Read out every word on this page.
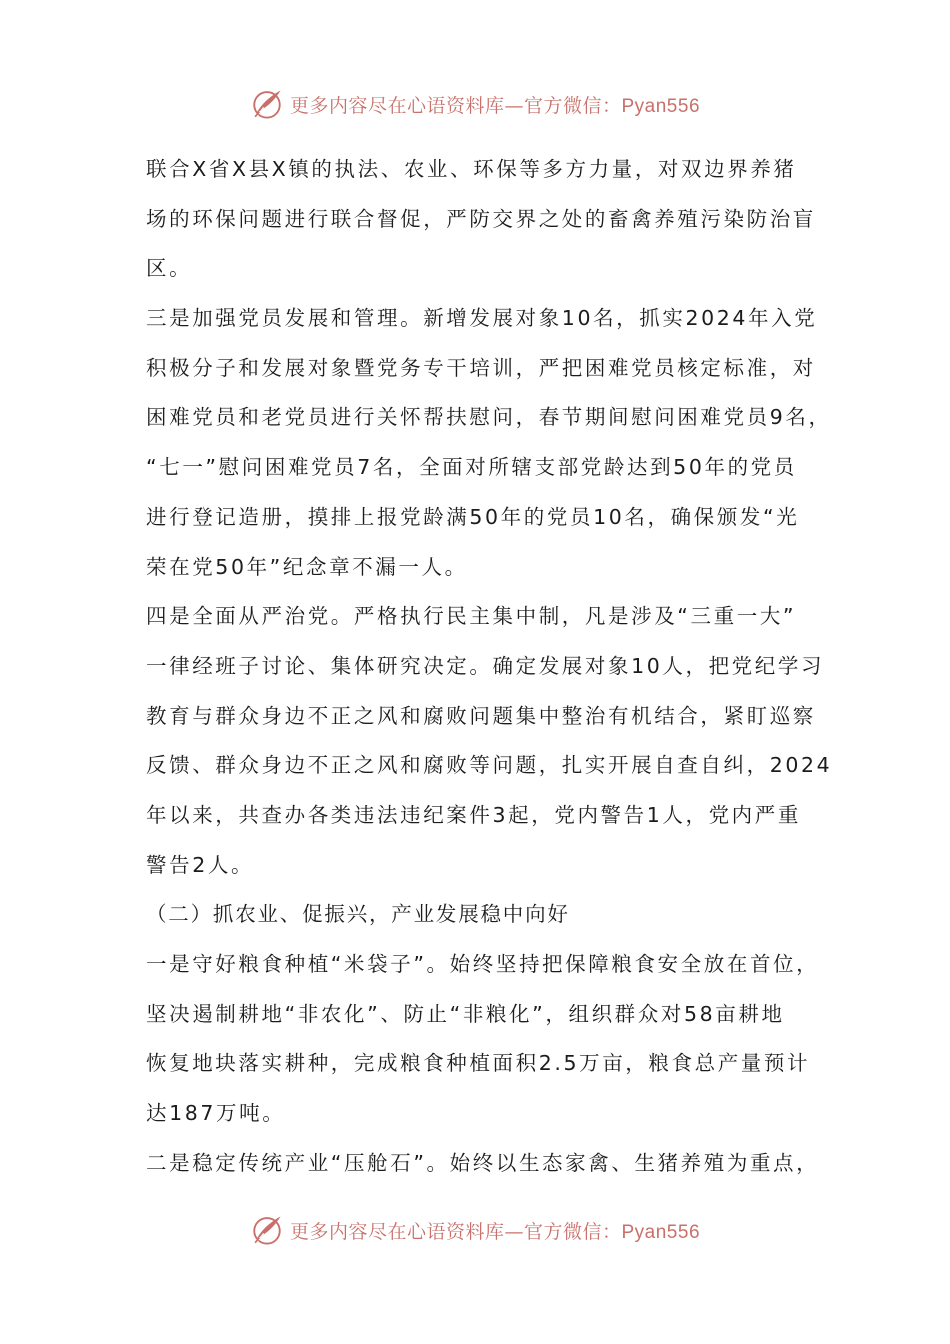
更多内容尽在心语资料库—官方微信：Pyan556
联合X省X县X镇的执法、农业、环保等多方力量，对双边界养猪
场的环保问题进行联合督促，严防交界之处的畜禽养殖污染防治盲
区。
三是加强党员发展和管理。新增发展对象10名，抓实2024年入党
积极分子和发展对象暨党务专干培训，严把困难党员核定标准，对
困难党员和老党员进行关怀帮扶慰问，春节期间慰问困难党员9名，
“七一”慰问困难党员7名，全面对所辖支部党龄达到50年的党员
进行登记造册，摸排上报党龄满50年的党员10名，确保颁发“光
荣在党50年”纪念章不漏一人。
四是全面从严治党。严格执行民主集中制，凡是涉及“三重一大”
一律经班子讨论、集体研究决定。确定发展对象10人，把党纪学习
教育与群众身边不正之风和腐败问题集中整治有机结合，紧盯巡察
反馈、群众身边不正之风和腐败等问题，扎实开展自查自纠，2024
年以来，共查办各类违法违纪案件3起，党内警告1人，党内严重
警告2人。
（二）抓农业、促振兴，产业发展稳中向好
一是守好粮食种植“米袋子”。始终坚持把保障粮食安全放在首位，
坚决遏制耕地“非农化”、防止“非粮化”，组织群众对58亩耕地
恢复地块落实耕种，完成粮食种植面积2.5万亩，粮食总产量预计
达187万吨。
二是稳定传统产业“压舱石”。始终以生态家禽、生猪养殖为重点，
更多内容尽在心语资料库—官方微信：Pyan556
